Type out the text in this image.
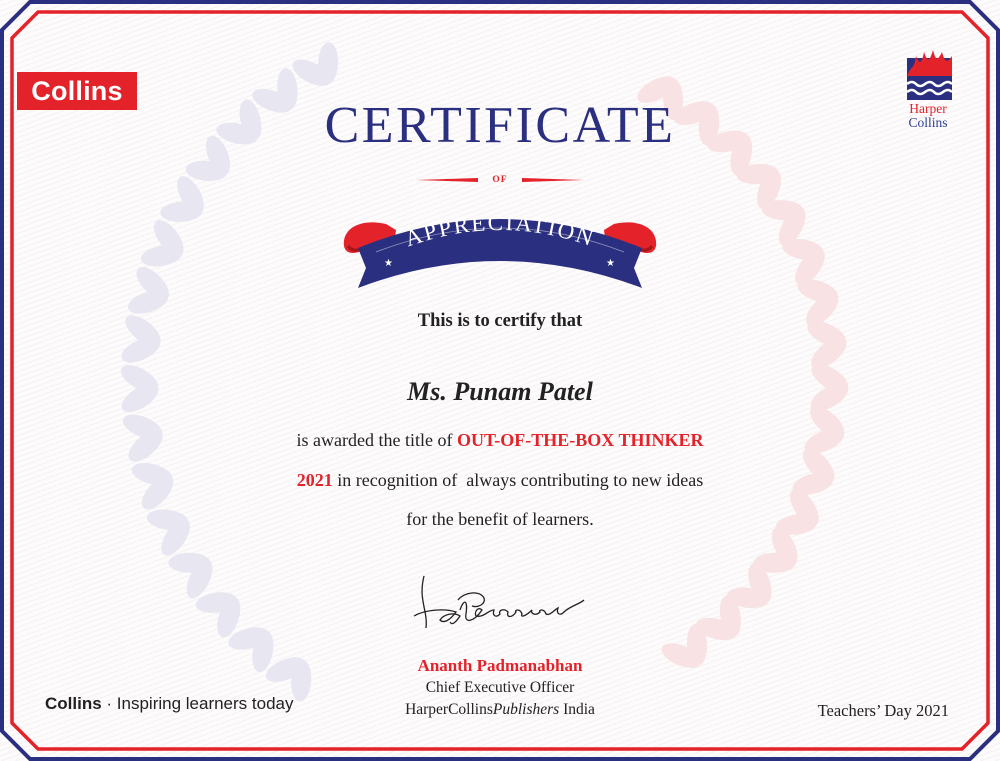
Collins
Harper
Collins
CERTIFICATE
OF
APPRECIATION
★	★
This is to certify that
Ms. Punam Patel
is awarded the title of OUT-OF-THE-BOX THINKER
2021 in recognition of  always contributing to new ideas
for the benefit of learners.
Ananth Padmanabhan
Chief Executive Officer
HarperCollinsPublishers India
Collins · Inspiring learners today	Teachers’ Day 2021
